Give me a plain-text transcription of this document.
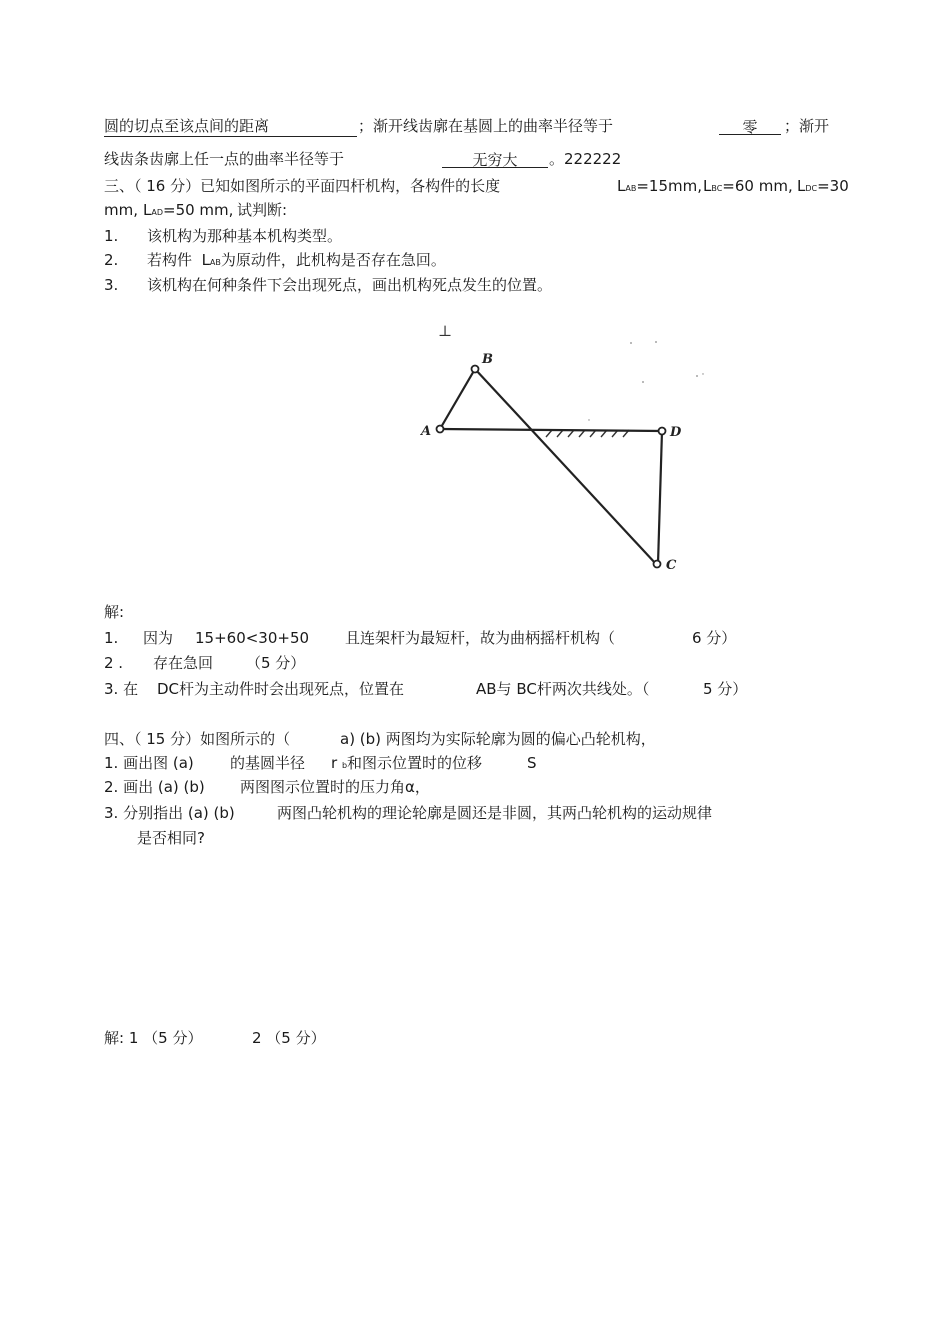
圆的切点至该点间的距离	；渐开线齿廓在基圆上的曲率半径等于	零	；渐开
线齿条齿廓上任一点的曲率半径等于	无穷大	。222222
三、（ 16 分）已知如图所示的平面四杆机构，各构件的长度	LAB=15mm, LBC=60 mm, LDC=30
mm, LAD=50 mm, 试判断:
1. 该机构为那种基本机构类型。
2. 若构件 LAB为原动件，此机构是否存在急回。
3. 该机构在何种条件下会出现死点，画出机构死点发生的位置。
⊥
A
B
D
C
解:
1. 因为 15+60<30+50 且连架杆为最短杆，故为曲柄摇杆机构（	6 分）
2 . 存在急回 （5 分）
3. 在 DC杆为主动件时会出现死点，位置在	AB与 BC杆两次共线处。（	5 分）
四、（ 15 分）如图所示的（	a) (b) 两图均为实际轮廓为圆的偏心凸轮机构，
1. 画出图 (a) 的基圆半径 r b和图示位置时的位移	S
2. 画出 (a) (b) 两图图示位置时的压力角α，
3. 分别指出 (a) (b)	两图凸轮机构的理论轮廓是圆还是非圆，其两凸轮机构的运动规律
是否相同?
解: 1 （5 分）	2 （5 分）
